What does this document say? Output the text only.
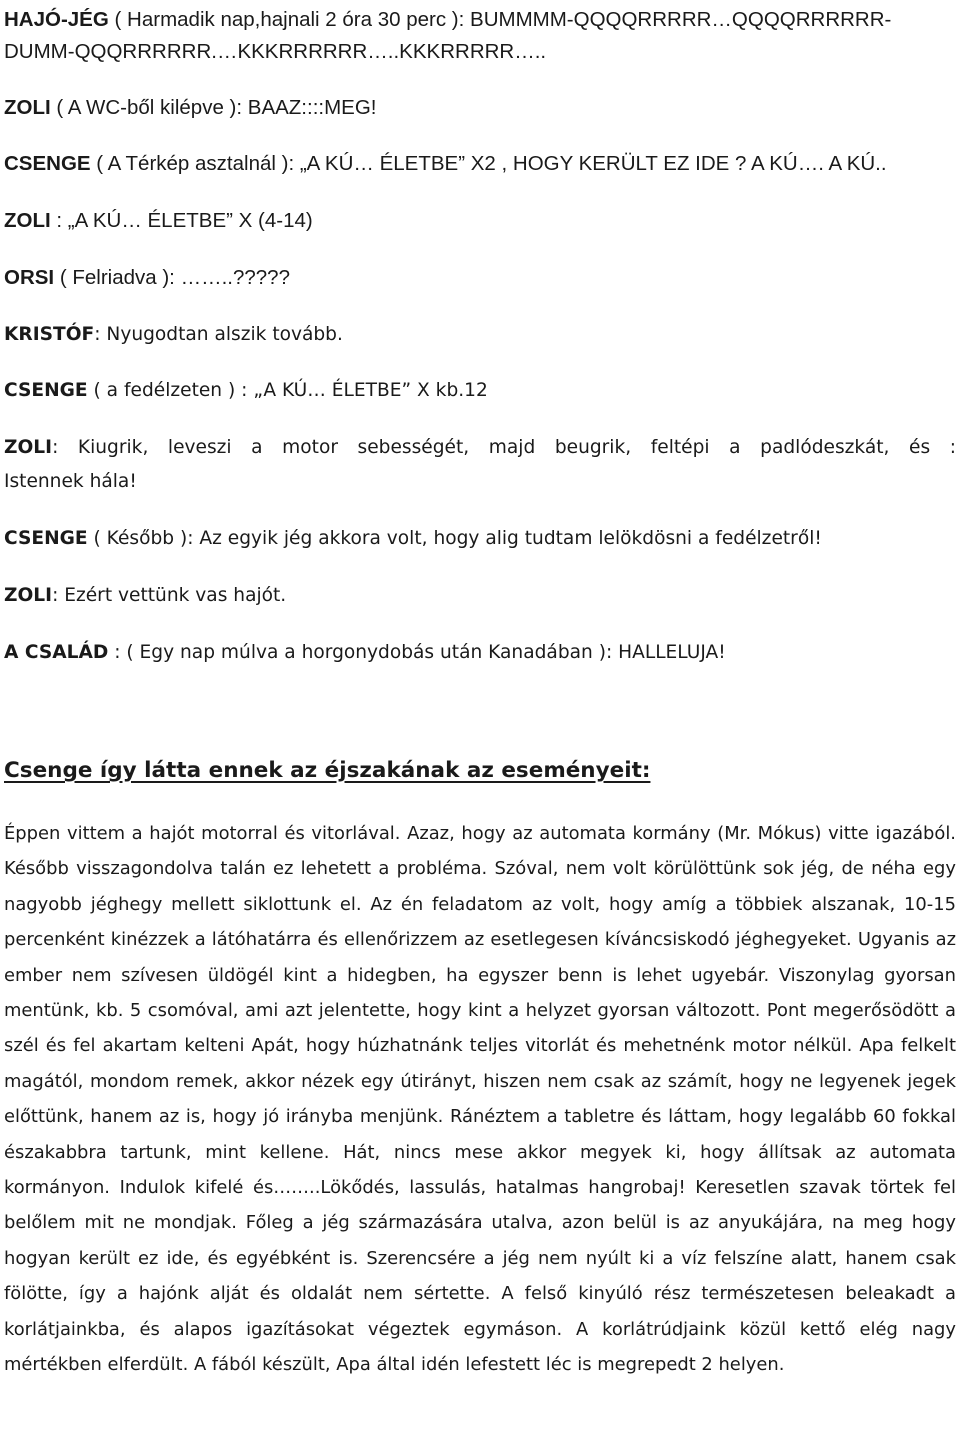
HAJÓ-JÉG ( Harmadik nap,hajnali 2 óra 30 perc ): BUMMMM-QQQQRRRRR…QQQQRRRRRR-
DUMM-QQQRRRRRR.…KKKRRRRRR…..KKKRRRRR…..
ZOLI ( A WC-ből kilépve ): BAAZ::::MEG!
CSENGE ( A Térkép asztalnál ): „A KÚ… ÉLETBE” X2 , HOGY KERÜLT EZ IDE ? A KÚ…. A KÚ..
ZOLI : „A KÚ… ÉLETBE” X (4-14)
ORSI ( Felriadva ): ……..?????
KRISTÓF: Nyugodtan alszik tovább.
CSENGE ( a fedélzeten ) : „A KÚ… ÉLETBE” X kb.12
ZOLI: Kiugrik, leveszi a motor sebességét, majd beugrik, feltépi a padlódeszkát, és :
Istennek hála!
CSENGE ( Később ): Az egyik jég akkora volt, hogy alig tudtam lelökdösni a fedélzetről!
ZOLI: Ezért vettünk vas hajót.
A CSALÁD : ( Egy nap múlva a horgonydobás után Kanadában ): HALLELUJA!
Csenge így látta ennek az éjszakának az eseményeit:
Éppen vittem a hajót motorral és vitorlával. Azaz, hogy az automata kormány (Mr. Mókus) vitte igazából. Később visszagondolva talán ez lehetett a probléma. Szóval, nem volt körülöttünk sok jég, de néha egy nagyobb jéghegy mellett siklottunk el. Az én feladatom az volt, hogy amíg a többiek alszanak, 10-15 percenként kinézzek a látóhatárra és ellenőrizzem az esetlegesen kíváncsiskodó jéghegyeket. Ugyanis az ember nem szívesen üldögél kint a hidegben, ha egyszer benn is lehet ugyebár. Viszonylag gyorsan mentünk, kb. 5 csomóval, ami azt jelentette, hogy kint a helyzet gyorsan változott. Pont megerősödött a szél és fel akartam kelteni Apát, hogy húzhatnánk teljes vitorlát és mehetnénk motor nélkül. Apa felkelt magától, mondom remek, akkor nézek egy útirányt, hiszen nem csak az számít, hogy ne legyenek jegek előttünk, hanem az is, hogy jó irányba menjünk. Ránéztem a tabletre és láttam, hogy legalább 60 fokkal északabbra tartunk, mint kellene. Hát, nincs mese akkor megyek ki, hogy állítsak az automata kormányon. Indulok kifelé és……..Lökődés, lassulás, hatalmas hangrobaj! Keresetlen szavak törtek fel belőlem mit ne mondjak. Főleg a jég származására utalva, azon belül is az anyukájára, na meg hogy hogyan került ez ide, és egyébként is. Szerencsére a jég nem nyúlt ki a víz felszíne alatt, hanem csak fölötte, így a hajónk alját és oldalát nem sértette. A felső kinyúló rész természetesen beleakadt a korlátjainkba, és alapos igazításokat végeztek egymáson. A korlátrúdjaink közül kettő elég nagy mértékben elferdült. A fából készült, Apa által idén lefestett léc is megrepedt 2 helyen.
